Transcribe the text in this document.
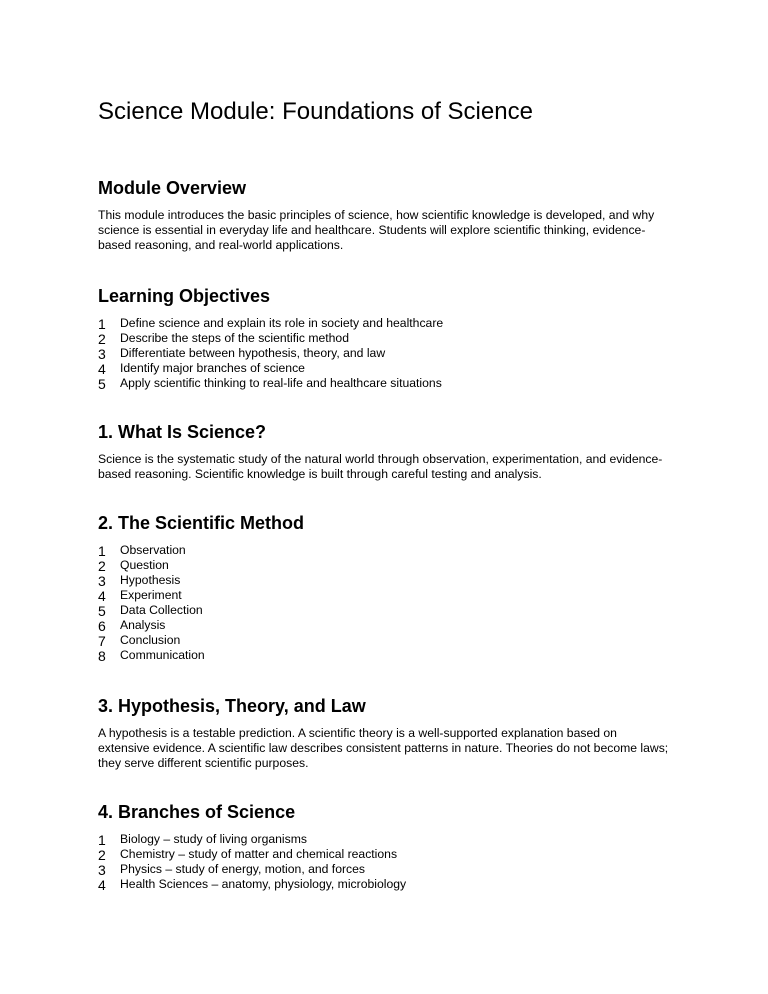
Science Module: Foundations of Science
Module Overview

This module introduces the basic principles of science, how scientific knowledge is developed, and why science is essential in everyday life and healthcare. Students will explore scientific thinking, evidence-based reasoning, and real-world applications.

Learning Objectives
1 Define science and explain its role in society and healthcare
2 Describe the steps of the scientific method
3 Differentiate between hypothesis, theory, and law
4 Identify major branches of science
5 Apply scientific thinking to real-life and healthcare situations
1. What Is Science?

Science is the systematic study of the natural world through observation, experimentation, and evidence-based reasoning. Scientific knowledge is built through careful testing and analysis.

2. The Scientific Method
1 Observation
2 Question
3 Hypothesis
4 Experiment
5 Data Collection
6 Analysis
7 Conclusion
8 Communication
3. Hypothesis, Theory, and Law

A hypothesis is a testable prediction. A scientific theory is a well-supported explanation based on extensive evidence. A scientific law describes consistent patterns in nature. Theories do not become laws; they serve different scientific purposes.

4. Branches of Science
1 Biology – study of living organisms
2 Chemistry – study of matter and chemical reactions
3 Physics – study of energy, motion, and forces
4 Health Sciences – anatomy, physiology, microbiology
